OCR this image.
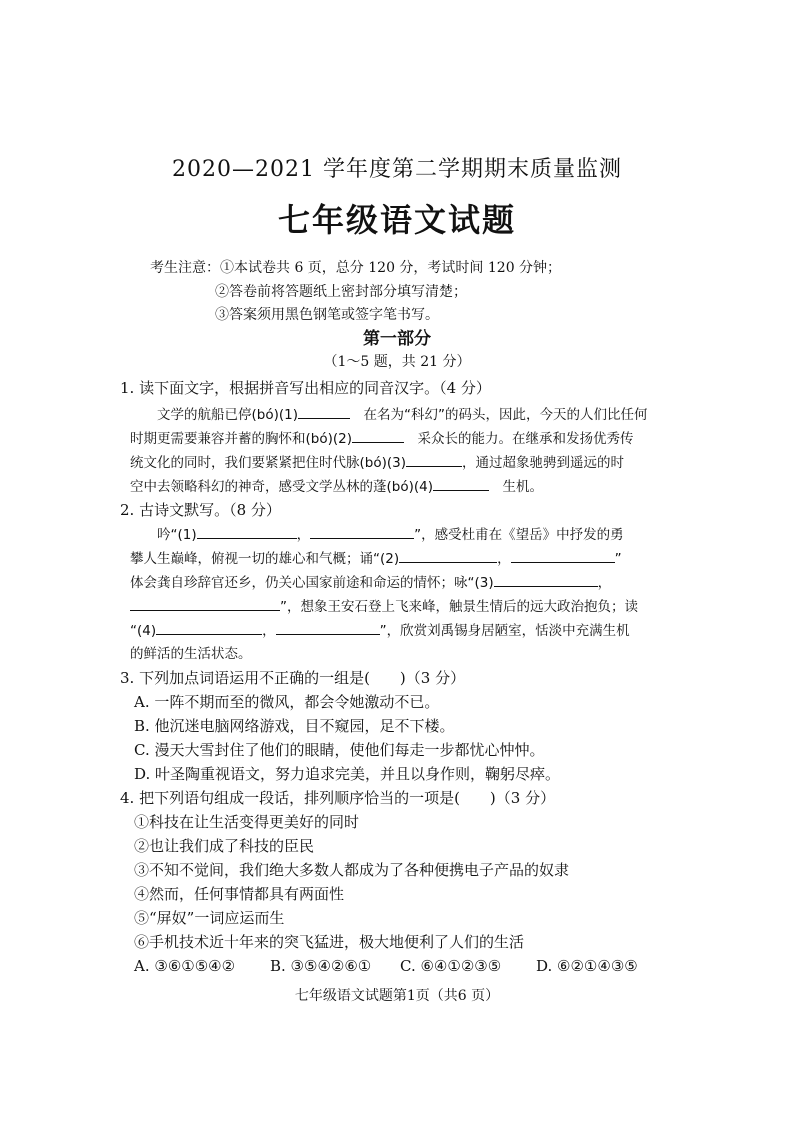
2020—2021 学年度第二学期期末质量监测
七年级语文试题
考生注意：①本试卷共 6 页，总分 120 分，考试时间 120 分钟；
②答卷前将答题纸上密封部分填写清楚；
③答案须用黑色钢笔或签字笔书写。
第一部分
（1～5 题，共 21 分）
1. 读下面文字，根据拼音写出相应的同音汉字。（4 分）
　　文学的航船已停(bó)(1)　	在名为“科幻”的码头，因此，今天的人们比任何
时期更需要兼容并蓄的胸怀和(bó)(2)　	采众长的能力。在继承和发扬优秀传
统文化的同时，我们要紧紧把住时代脉(bó)(3)	，通过超象驰骋到遥远的时
空中去领略科幻的神奇，感受文学丛林的蓬(bó)(4)　	生机。
2. 古诗文默写。（8 分）
　　吟“(1)	，	”，感受杜甫在《望岳》中抒发的勇
攀人生巅峰，俯视一切的雄心和气概；诵“(2)	，	”
体会龚自珍辞官还乡，仍关心国家前途和命运的情怀；咏“(3)	，
”，想象王安石登上飞来峰，触景生情后的远大政治抱负；读
“(4)	，	”，欣赏刘禹锡身居陋室，恬淡中充满生机
的鲜活的生活状态。
3. 下列加点词语运用不正确的一组是(　　)（3 分）
A. 一阵不期而至的微风，都会令她激动不已。
B. 他沉迷电脑网络游戏，目不窥园，足不下楼。
C. 漫天大雪封住了他们的眼睛，使他们每走一步都忧心忡忡。
D. 叶圣陶重视语文，努力追求完美，并且以身作则，鞠躬尽瘁。
4. 把下列语句组成一段话，排列顺序恰当的一项是(　　)（3 分）
①科技在让生活变得更美好的同时
②也让我们成了科技的臣民
③不知不觉间，我们绝大多数人都成为了各种便携电子产品的奴隶
④然而，任何事情都具有两面性
⑤“屏奴”一词应运而生
⑥手机技术近十年来的突飞猛进，极大地便利了人们的生活
A. ③⑥①⑤④② B. ③⑤④②⑥① C. ⑥④①②③⑤ D. ⑥②①④③⑤
七年级语文试题第1页（共6 页）
